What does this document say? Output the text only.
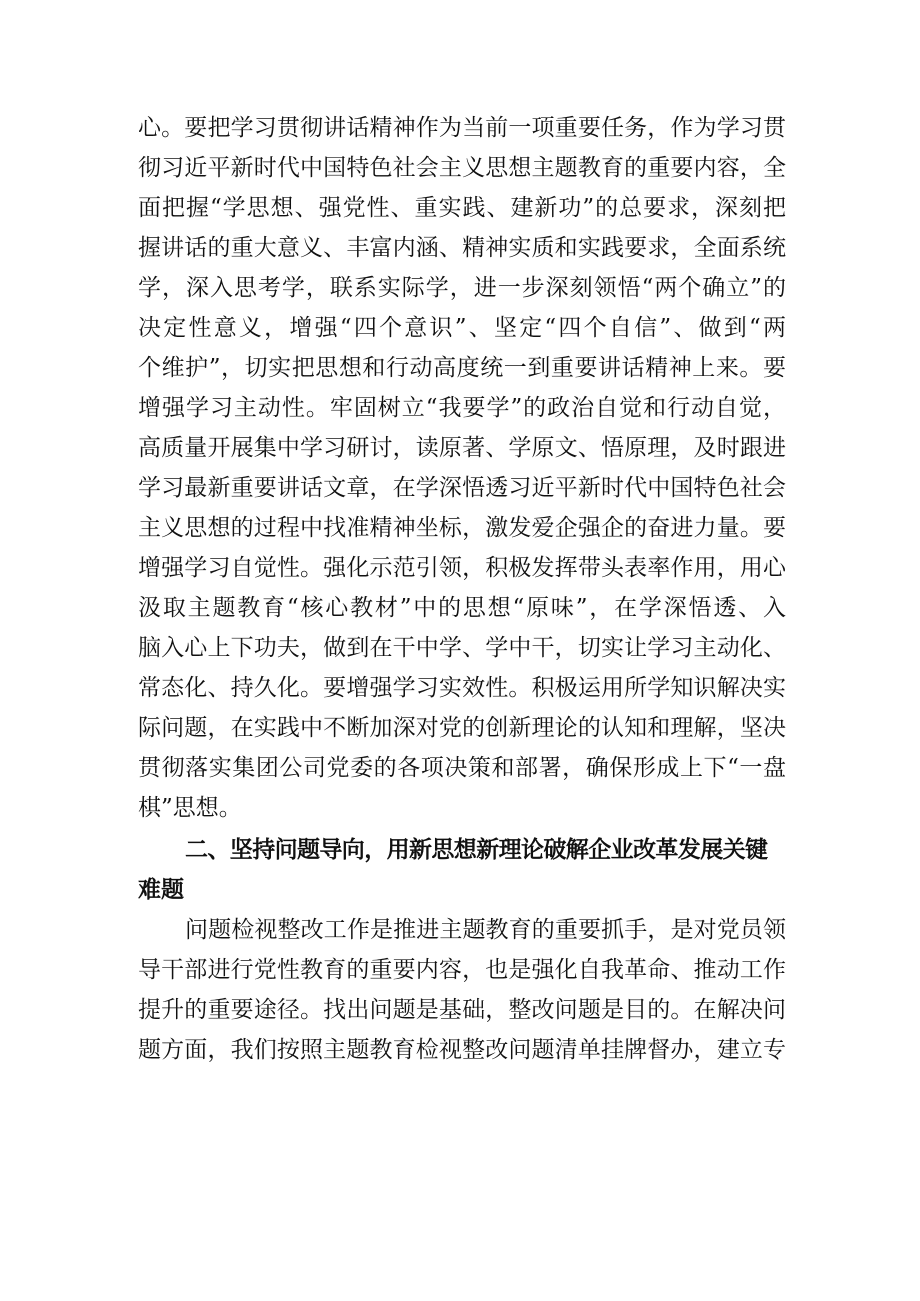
心。要把学习贯彻讲话精神作为当前一项重要任务，作为学习贯
彻习近平新时代中国特色社会主义思想主题教育的重要内容，全
面把握“学思想、强党性、重实践、建新功”的总要求，深刻把
握讲话的重大意义、丰富内涵、精神实质和实践要求，全面系统
学，深入思考学，联系实际学，进一步深刻领悟“两个确立”的
决定性意义，增强“四个意识”、坚定“四个自信”、做到“两
个维护”，切实把思想和行动高度统一到重要讲话精神上来。要
增强学习主动性。牢固树立“我要学”的政治自觉和行动自觉，
高质量开展集中学习研讨，读原著、学原文、悟原理，及时跟进
学习最新重要讲话文章，在学深悟透习近平新时代中国特色社会
主义思想的过程中找准精神坐标，激发爱企强企的奋进力量。要
增强学习自觉性。强化示范引领，积极发挥带头表率作用，用心
汲取主题教育“核心教材”中的思想“原味”，在学深悟透、入
脑入心上下功夫，做到在干中学、学中干，切实让学习主动化、
常态化、持久化。要增强学习实效性。积极运用所学知识解决实
际问题，在实践中不断加深对党的创新理论的认知和理解，坚决
贯彻落实集团公司党委的各项决策和部署，确保形成上下“一盘
棋”思想。
二、坚持问题导向，用新思想新理论破解企业改革发展关键
难题
问题检视整改工作是推进主题教育的重要抓手，是对党员领
导干部进行党性教育的重要内容，也是强化自我革命、推动工作
提升的重要途径。找出问题是基础，整改问题是目的。在解决问
题方面，我们按照主题教育检视整改问题清单挂牌督办，建立专
